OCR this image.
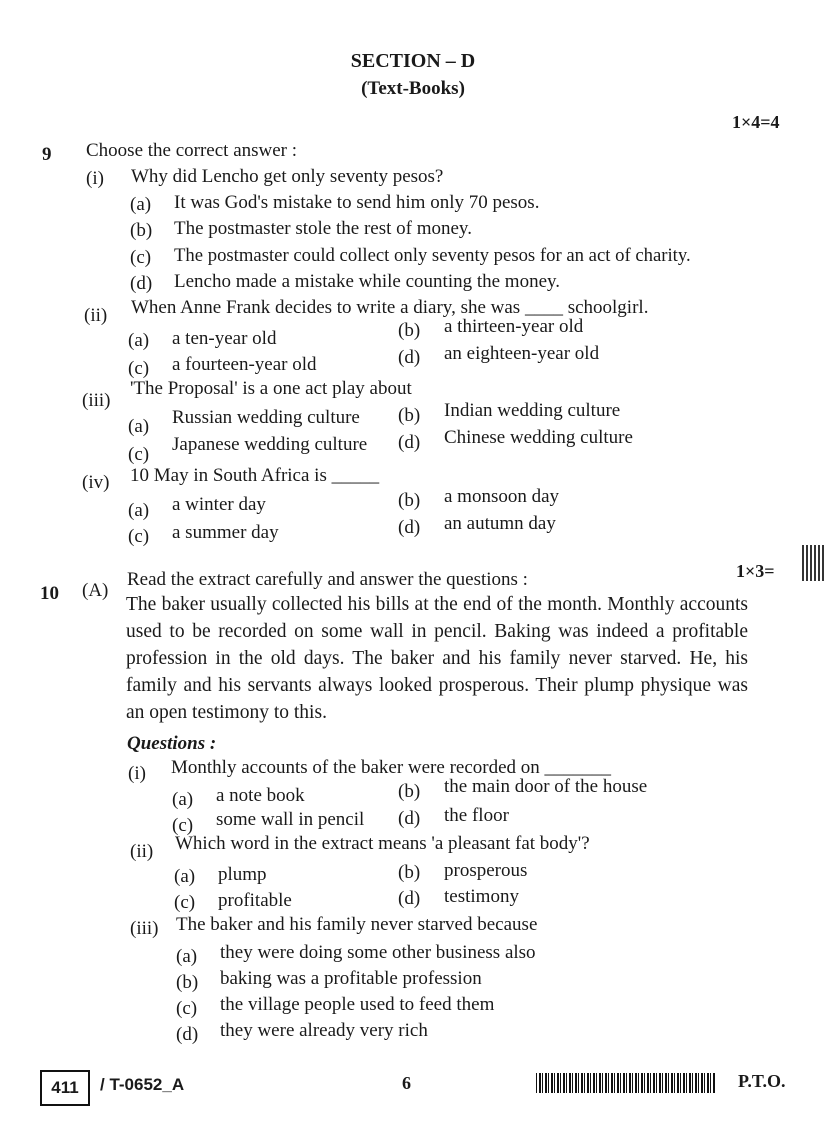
SECTION – D
(Text-Books)
1×4=4
9 Choose the correct answer :
(i) Why did Lencho get only seventy pesos?
(a) It was God's mistake to send him only 70 pesos.
(b) The postmaster stole the rest of money.
(c) The postmaster could collect only seventy pesos for an act of charity.
(d) Lencho made a mistake while counting the money.
(ii) When Anne Frank decides to write a diary, she was ____ schoolgirl.
(a) a ten-year old	(b) a thirteen-year old
(c) a fourteen-year old	(d) an eighteen-year old
(iii)
'The Proposal' is a one act play about
(a) Russian wedding culture (b) Indian wedding culture
(c) Japanese wedding culture (d) Chinese wedding culture
(iv) 10 May in South Africa is _____
(a) a winter day	(b) a monsoon day
(c) a summer day	(d) an autumn day
10 (A)
Read the extract carefully and answer the questions :	1×3=
The baker usually collected his bills at the end of the month. Monthly accounts used to be recorded on some wall in pencil. Baking was indeed a profitable profession in the old days. The baker and his family never starved. He, his family and his servants always looked prosperous. Their plump physique was an open testimony to this.
Questions :
(i) Monthly accounts of the baker were recorded on _______
(a) a note book	(b) the main door of the house
(c) some wall in pencil (d) the floor
(ii) Which word in the extract means 'a pleasant fat body'?
(a) plump	(b) prosperous
(c) profitable	(d) testimony
(iii) The baker and his family never starved because
(a) they were doing some other business also
(b) baking was a profitable profession
(c) the village people used to feed them
(d) they were already very rich
411	/ T-0652_A	6	P.T.O.
